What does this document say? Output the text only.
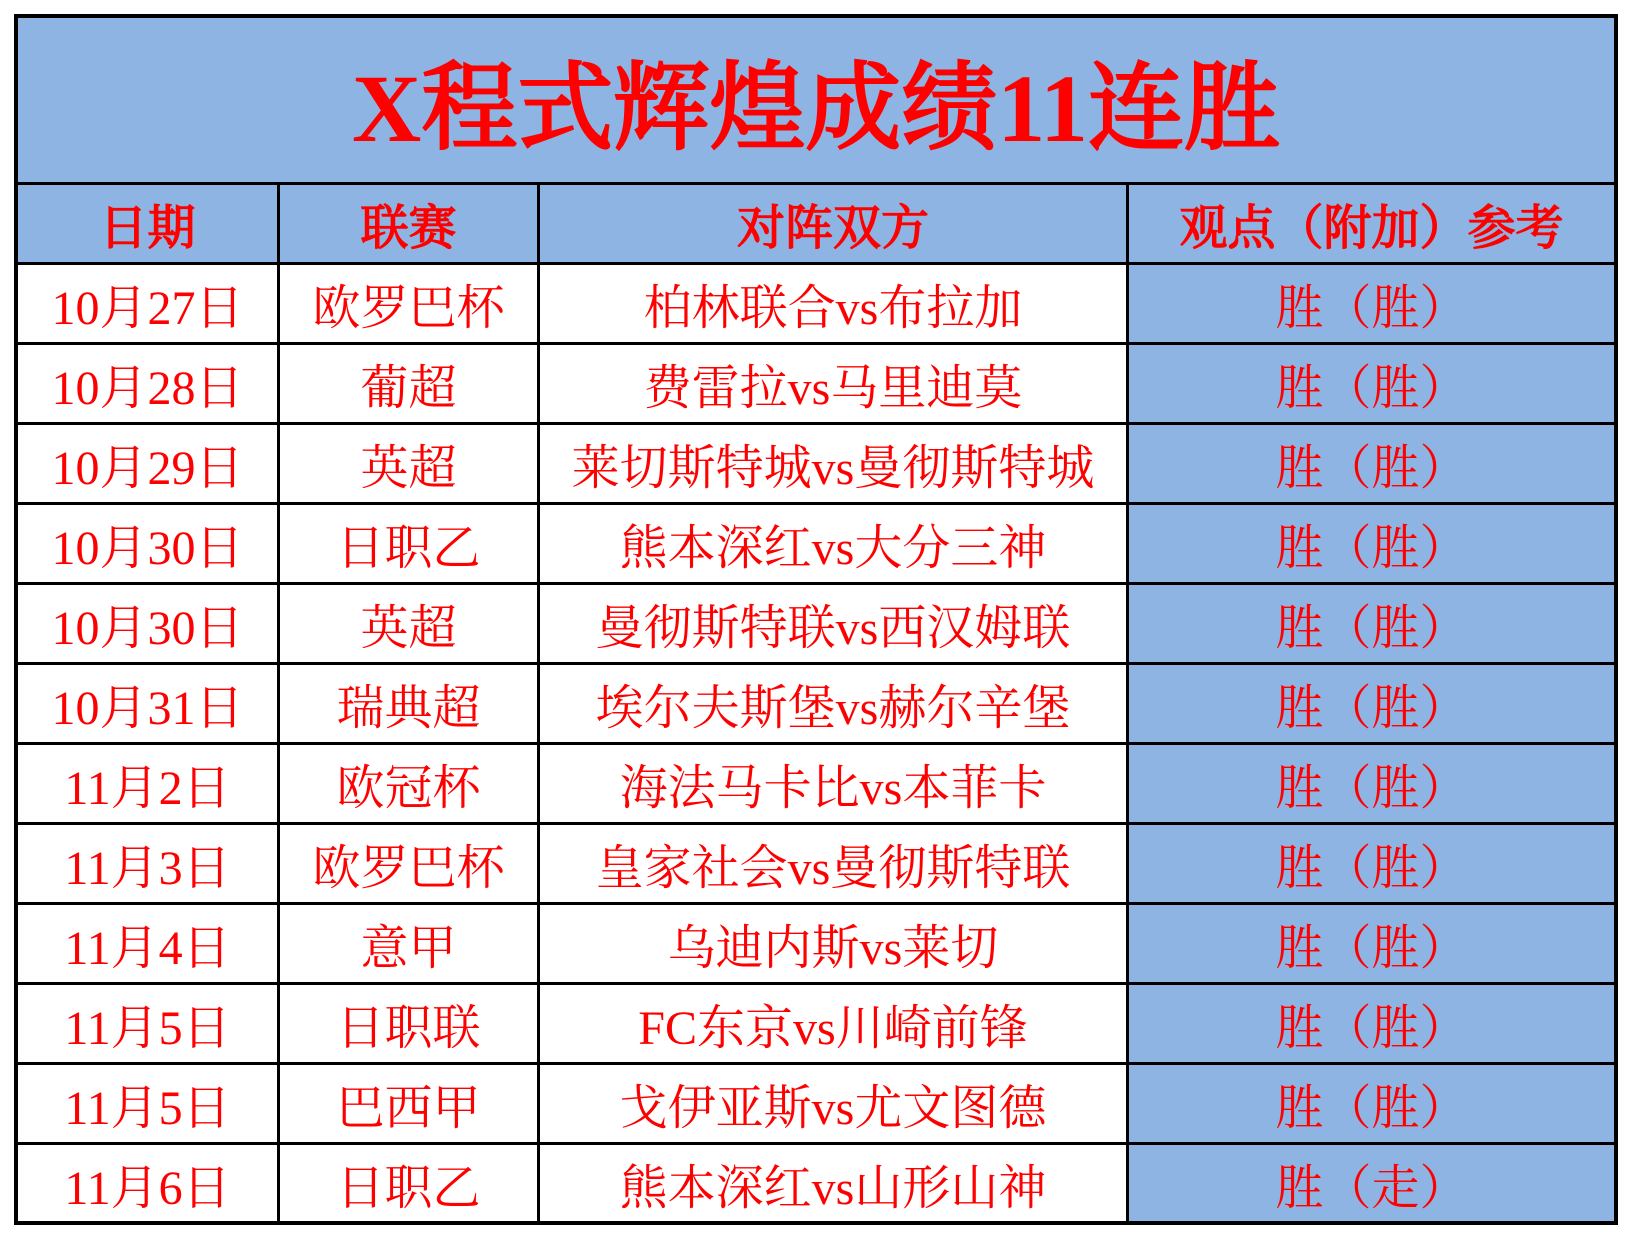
X程式辉煌成绩11连胜
日期	联赛	对阵双方	观点（附加）参考
10月27日	欧罗巴杯	柏林联合vs布拉加	胜（胜）
10月28日	葡超	费雷拉vs马里迪莫	胜（胜）
10月29日	英超	莱切斯特城vs曼彻斯特城	胜（胜）
10月30日	日职乙	熊本深红vs大分三神	胜（胜）
10月30日	英超	曼彻斯特联vs西汉姆联	胜（胜）
10月31日	瑞典超	埃尔夫斯堡vs赫尔辛堡	胜（胜）
11月2日	欧冠杯	海法马卡比vs本菲卡	胜（胜）
11月3日	欧罗巴杯	皇家社会vs曼彻斯特联	胜（胜）
11月4日	意甲	乌迪内斯vs莱切	胜（胜）
11月5日	日职联	FC东京vs川崎前锋	胜（胜）
11月5日	巴西甲	戈伊亚斯vs尤文图德	胜（胜）
11月6日	日职乙	熊本深红vs山形山神	胜（走）
